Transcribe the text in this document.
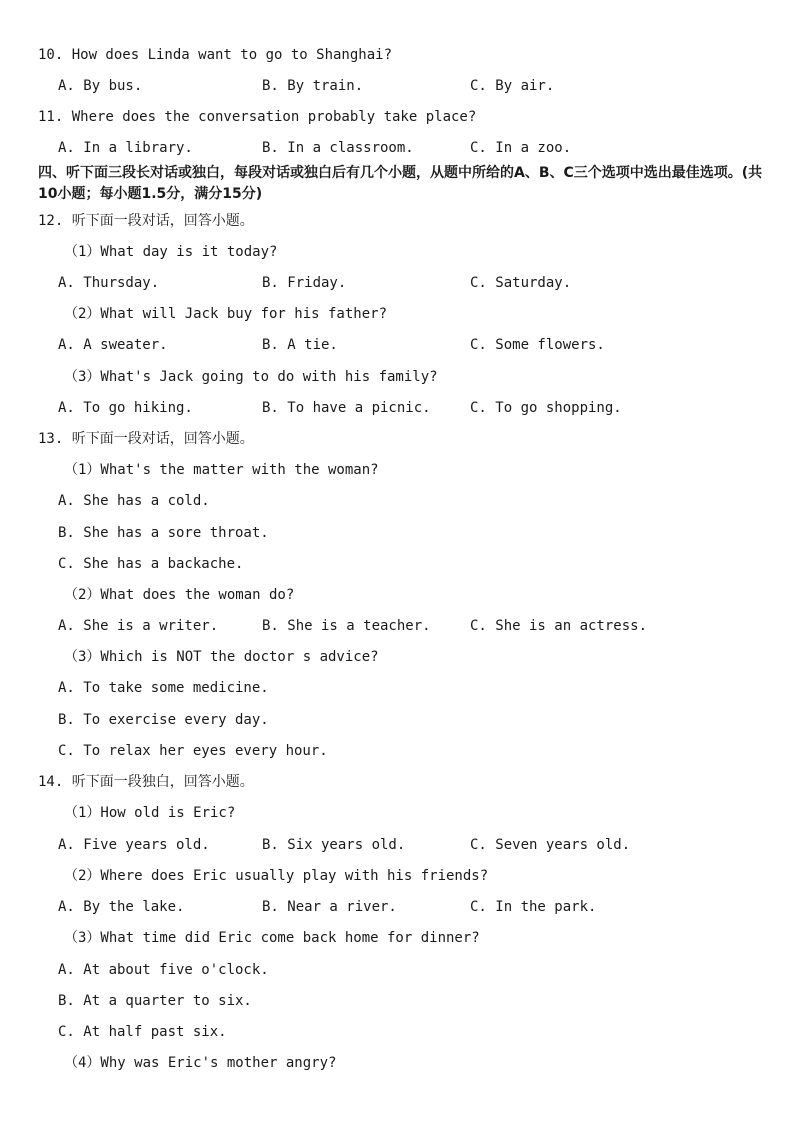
10. How does Linda want to go to Shanghai?
A. By bus.	B. By train.	C. By air.
11. Where does the conversation probably take place?
A. In a library.	B. In a classroom.	C. In a zoo.
四、听下面三段长对话或独白，每段对话或独白后有几个小题，从题中所给的A、B、C三个选项中选出最佳选项。(共10小题；每小题1.5分，满分15分)
12. 听下面一段对话，回答小题。
（1）What day is it today?
A. Thursday.	B. Friday.	C. Saturday.
（2）What will Jack buy for his father?
A. A sweater.	B. A tie.	C. Some flowers.
（3）What's Jack going to do with his family?
A. To go hiking.	B. To have a picnic.	C. To go shopping.
13. 听下面一段对话，回答小题。
（1）What's the matter with the woman?
A. She has a cold.
B. She has a sore throat.
C. She has a backache.
（2）What does the woman do?
A. She is a writer.	B. She is a teacher.	C. She is an actress.
（3）Which is NOT the doctor s advice?
A. To take some medicine.
B. To exercise every day.
C. To relax her eyes every hour.
14. 听下面一段独白，回答小题。
（1）How old is Eric?
A. Five years old.	B. Six years old.	C. Seven years old.
（2）Where does Eric usually play with his friends?
A. By the lake.	B. Near a river.	C. In the park.
（3）What time did Eric come back home for dinner?
A. At about five o'clock.
B. At a quarter to six.
C. At half past six.
（4）Why was Eric's mother angry?
